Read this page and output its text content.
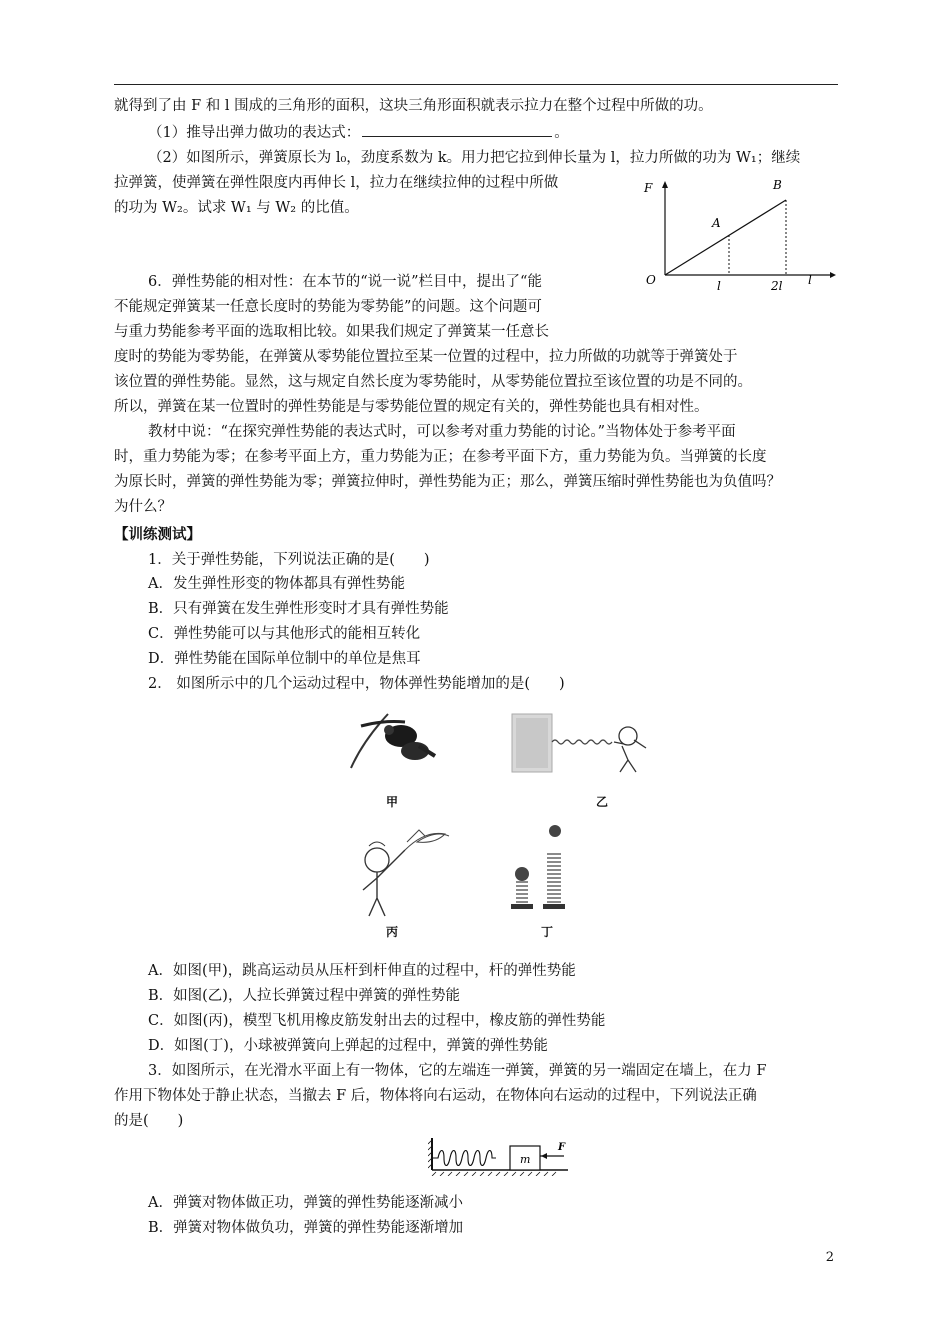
就得到了由 F 和 l 围成的三角形的面积，这块三角形面积就表示拉力在整个过程中所做的功。
（1）推导出弹力做功的表达式：	。
（2）如图所示，弹簧原长为 l₀，劲度系数为 k。用力把它拉到伸长量为 l，拉力所做的功为 W₁；继续
拉弹簧，使弹簧在弹性限度内再伸长 l，拉力在继续拉伸的过程中所做
的功为 W₂。试求 W₁ 与 W₂ 的比值。
F	B
A
O	l	2l l
6．弹性势能的相对性：在本节的“说一说”栏目中，提出了“能
不能规定弹簧某一任意长度时的势能为零势能”的问题。这个问题可
与重力势能参考平面的选取相比较。如果我们规定了弹簧某一任意长
度时的势能为零势能，在弹簧从零势能位置拉至某一位置的过程中，拉力所做的功就等于弹簧处于
该位置的弹性势能。显然，这与规定自然长度为零势能时，从零势能位置拉至该位置的功是不同的。
所以，弹簧在某一位置时的弹性势能是与零势能位置的规定有关的，弹性势能也具有相对性。
教材中说：“在探究弹性势能的表达式时，可以参考对重力势能的讨论。”当物体处于参考平面
时，重力势能为零；在参考平面上方，重力势能为正；在参考平面下方，重力势能为负。当弹簧的长度
为原长时，弹簧的弹性势能为零；弹簧拉伸时，弹性势能为正；那么，弹簧压缩时弹性势能也为负值吗？
为什么？
【训练测试】
1．关于弹性势能，下列说法正确的是(　　)
A．发生弹性形变的物体都具有弹性势能
B．只有弹簧在发生弹性形变时才具有弹性势能
C．弹性势能可以与其他形式的能相互转化
D．弹性势能在国际单位制中的单位是焦耳
2． 如图所示中的几个运动过程中，物体弹性势能增加的是(　　)
甲	乙
丙	丁
A．如图(甲)，跳高运动员从压杆到杆伸直的过程中，杆的弹性势能
B．如图(乙)，人拉长弹簧过程中弹簧的弹性势能
C．如图(丙)，模型飞机用橡皮筋发射出去的过程中，橡皮筋的弹性势能
D．如图(丁)，小球被弹簧向上弹起的过程中，弹簧的弹性势能
3．如图所示，在光滑水平面上有一物体，它的左端连一弹簧，弹簧的另一端固定在墙上，在力 F
作用下物体处于静止状态，当撤去 F 后，物体将向右运动，在物体向右运动的过程中，下列说法正确
的是(　　)
m
F
A．弹簧对物体做正功，弹簧的弹性势能逐渐减小
B．弹簧对物体做负功，弹簧的弹性势能逐渐增加
2
